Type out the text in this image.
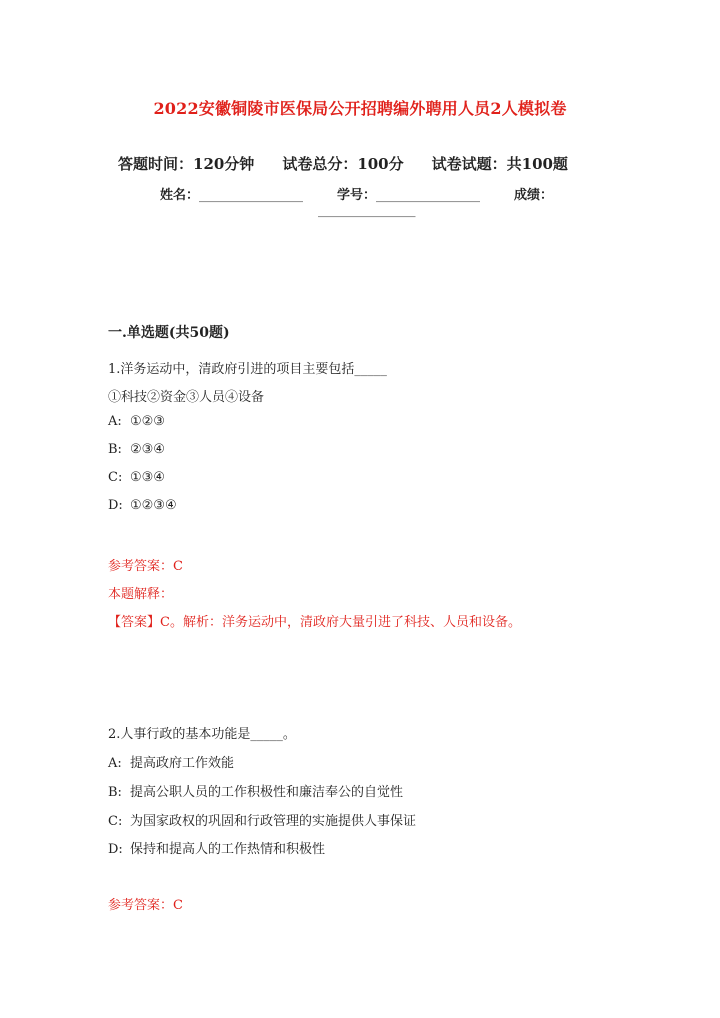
2022安徽铜陵市医保局公开招聘编外聘用人员2人模拟卷
答题时间：120分钟 试卷总分：100分 试卷试题：共100题
姓名：________________	学号：________________	成绩：
_______________
一.单选题(共50题)
1.洋务运动中，清政府引进的项目主要包括_____
①科技②资金③人员④设备
A: ①②③
B: ②③④
C: ①③④
D: ①②③④
参考答案：C
本题解释：
【答案】C。解析：洋务运动中，清政府大量引进了科技、人员和设备。
2.人事行政的基本功能是_____。
A: 提高政府工作效能
B: 提高公职人员的工作积极性和廉洁奉公的自觉性
C: 为国家政权的巩固和行政管理的实施提供人事保证
D: 保持和提高人的工作热情和积极性
参考答案：C
